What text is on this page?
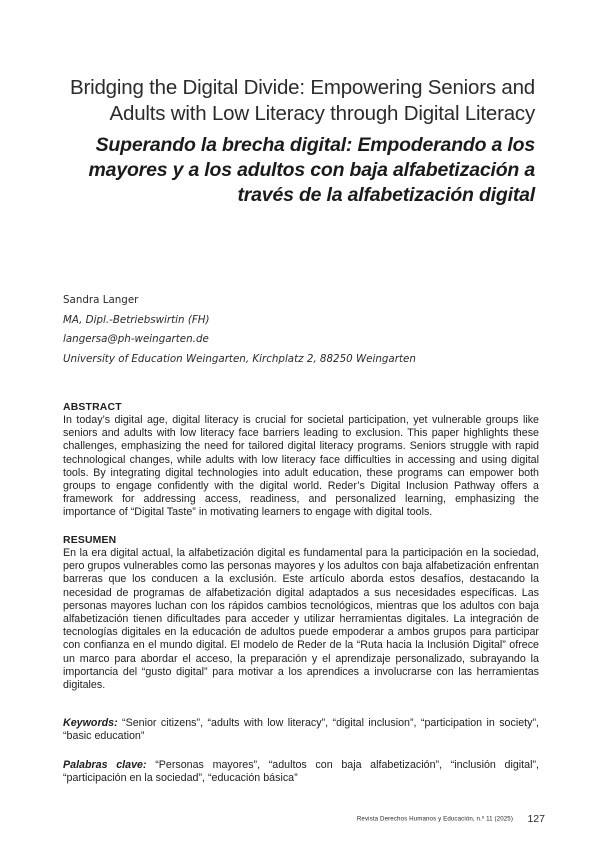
Bridging the Digital Divide: Empowering Seniors and Adults with Low Literacy through Digital Literacy
Superando la brecha digital: Empoderando a los mayores y a los adultos con baja alfabetización a través de la alfabetización digital
Sandra Langer
MA, Dipl.-Betriebswirtin (FH)
langersa@ph-weingarten.de
University of Education Weingarten, Kirchplatz 2, 88250 Weingarten
ABSTRACT
In today’s digital age, digital literacy is crucial for societal participation, yet vulnerable groups like seniors and adults with low literacy face barriers leading to exclusion. This paper highlights these challenges, emphasizing the need for tailored digital literacy programs. Seniors struggle with rapid technological changes, while adults with low literacy face difficulties in accessing and using digital tools. By integrating digital technologies into adult education, these programs can empower both groups to engage confidently with the digital world. Reder’s Digital Inclusion Pathway offers a framework for addressing access, readiness, and personalized learning, emphasizing the importance of “Digital Taste” in motivating learners to engage with digital tools.
RESUMEN
En la era digital actual, la alfabetización digital es fundamental para la participación en la sociedad, pero grupos vulnerables como las personas mayores y los adultos con baja alfabetización enfrentan barreras que los conducen a la exclusión. Este artículo aborda estos desafíos, destacando la necesidad de programas de alfabetización digital adaptados a sus necesidades específicas. Las personas mayores luchan con los rápidos cambios tecnológicos, mientras que los adultos con baja alfabetización tienen dificultades para acceder y utilizar herramientas digitales. La integración de tecnologías digitales en la educación de adultos puede empoderar a ambos grupos para participar con confianza en el mundo digital. El modelo de Reder de la “Ruta hacia la Inclusión Digital” ofrece un marco para abordar el acceso, la preparación y el aprendizaje personalizado, subrayando la importancia del “gusto digital” para motivar a los aprendices a involucrarse con las herramientas digitales.
Keywords: “Senior citizens”, “adults with low literacy”, “digital inclusion”, “participation in society”, “basic education”
Palabras clave: “Personas mayores”, “adultos con baja alfabetización”, “inclusión digital”, “participación en la sociedad”, “educación básica”
Revista Derechos Humanos y Educación, n.º 11 (2025) 127
